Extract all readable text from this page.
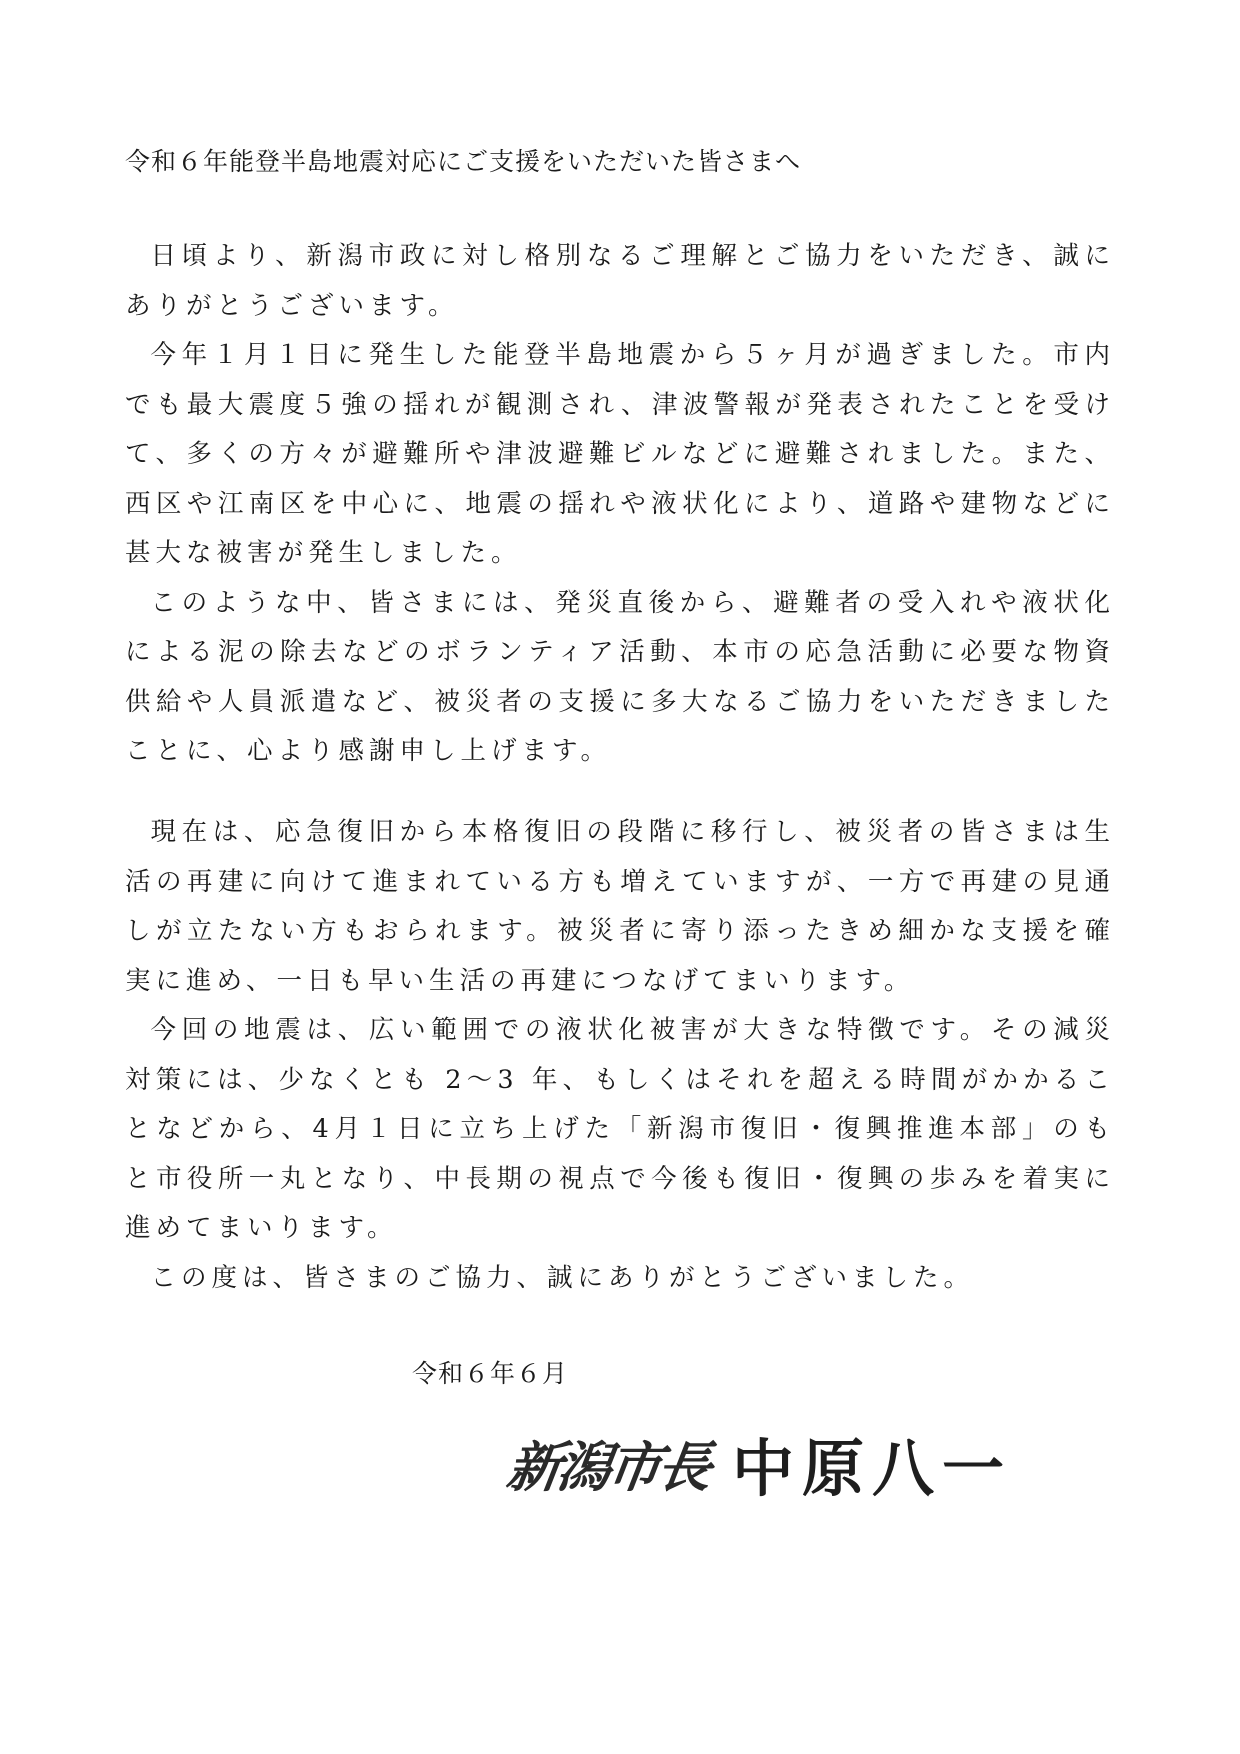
令和６年能登半島地震対応にご支援をいただいた皆さまへ

日頃より、新潟市政に対し格別なるご理解とご協力をいただき、誠にありがとうございます。

今年１月１日に発生した能登半島地震から５ヶ月が過ぎました。市内でも最大震度５強の揺れが観測され、津波警報が発表されたことを受けて、多くの方々が避難所や津波避難ビルなどに避難されました。また、西区や江南区を中心に、地震の揺れや液状化により、道路や建物などに甚大な被害が発生しました。

このような中、皆さまには、発災直後から、避難者の受入れや液状化による泥の除去などのボランティア活動、本市の応急活動に必要な物資供給や人員派遣など、被災者の支援に多大なるご協力をいただきましたことに、心より感謝申し上げます。

現在は、応急復旧から本格復旧の段階に移行し、被災者の皆さまは生活の再建に向けて進まれている方も増えていますが、一方で再建の見通しが立たない方もおられます。被災者に寄り添ったきめ細かな支援を確実に進め、一日も早い生活の再建につなげてまいります。

今回の地震は、広い範囲での液状化被害が大きな特徴です。その減災対策には、少なくとも 2～3 年、もしくはそれを超える時間がかかることなどから、4月１日に立ち上げた「新潟市復旧・復興推進本部」のもと市役所一丸となり、中長期の視点で今後も復旧・復興の歩みを着実に進めてまいります。

この度は、皆さまのご協力、誠にありがとうございました。

令和６年６月
新潟市長 中原八一
